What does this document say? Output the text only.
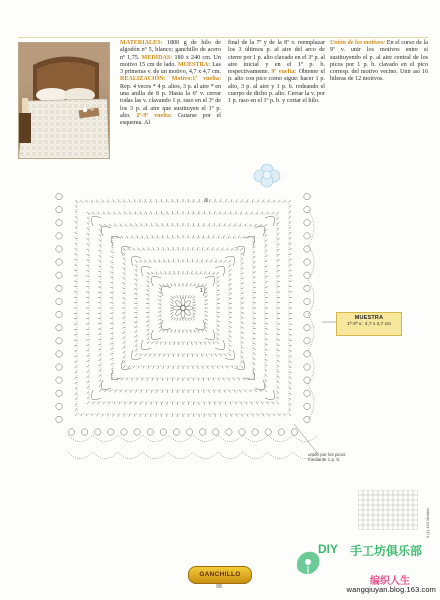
MATERIALES: 1800 g de hilo de algodón nº 5, blanco; ganchillo de acero nº 1,75. MEDIDAS: 180 x 240 cm. Un motivo 15 cm de lado. MUESTRA: Las 3 primeras v. de un motivo, 4,7 x 4,7 cm. REALIZACIÓN: Motivo:1ª vuelta: Rep. 4 veces * 4 p. altos, 3 p. al aire * en una anilla de 8 p. Hasta la 6ª v. cerrar todas las v. clavando 1 p. raso en el 3º de los 3 p. al aire que sustituyen el 1º p. alto. 2ª-9ª vuelta: Guiarse por el esquema. Al

final de la 7ª y de la 8ª v. reemplazar los 3 últimos p. al aire del arco de cierre por 1 p. alto clavado en el 3º p. al aire inicial y en el 1º p. b. respectivamente. 9ª vuelta: Obtener el p. alto con pico como sigue: hacer 1 p. alto, 3 p. al aire y 1 p. b. rodeando el cuerpo de dicho p. alto. Cerrar la v. por 1 p. raso en el 1º p. b. y cortar el hilo.

Unión de los motivos: En el curso de la 9ª v. unir los motivos entre sí sustituyendo el p. al aire central de los picos por 1 p. b. clavado en el pico corresp. del motivo vecino. Unir así 16 hileras de 12 motivos.

9
1
MUESTRA
1ª-3ª v.: 4,7 x 4,7 cm
unión por los picos mediante 1 p. b.
0 (1) 150 Modelo
GANCHILLO
68
DIY 手工坊俱乐部
编织人生
wangqiuyan.blog.163.com
